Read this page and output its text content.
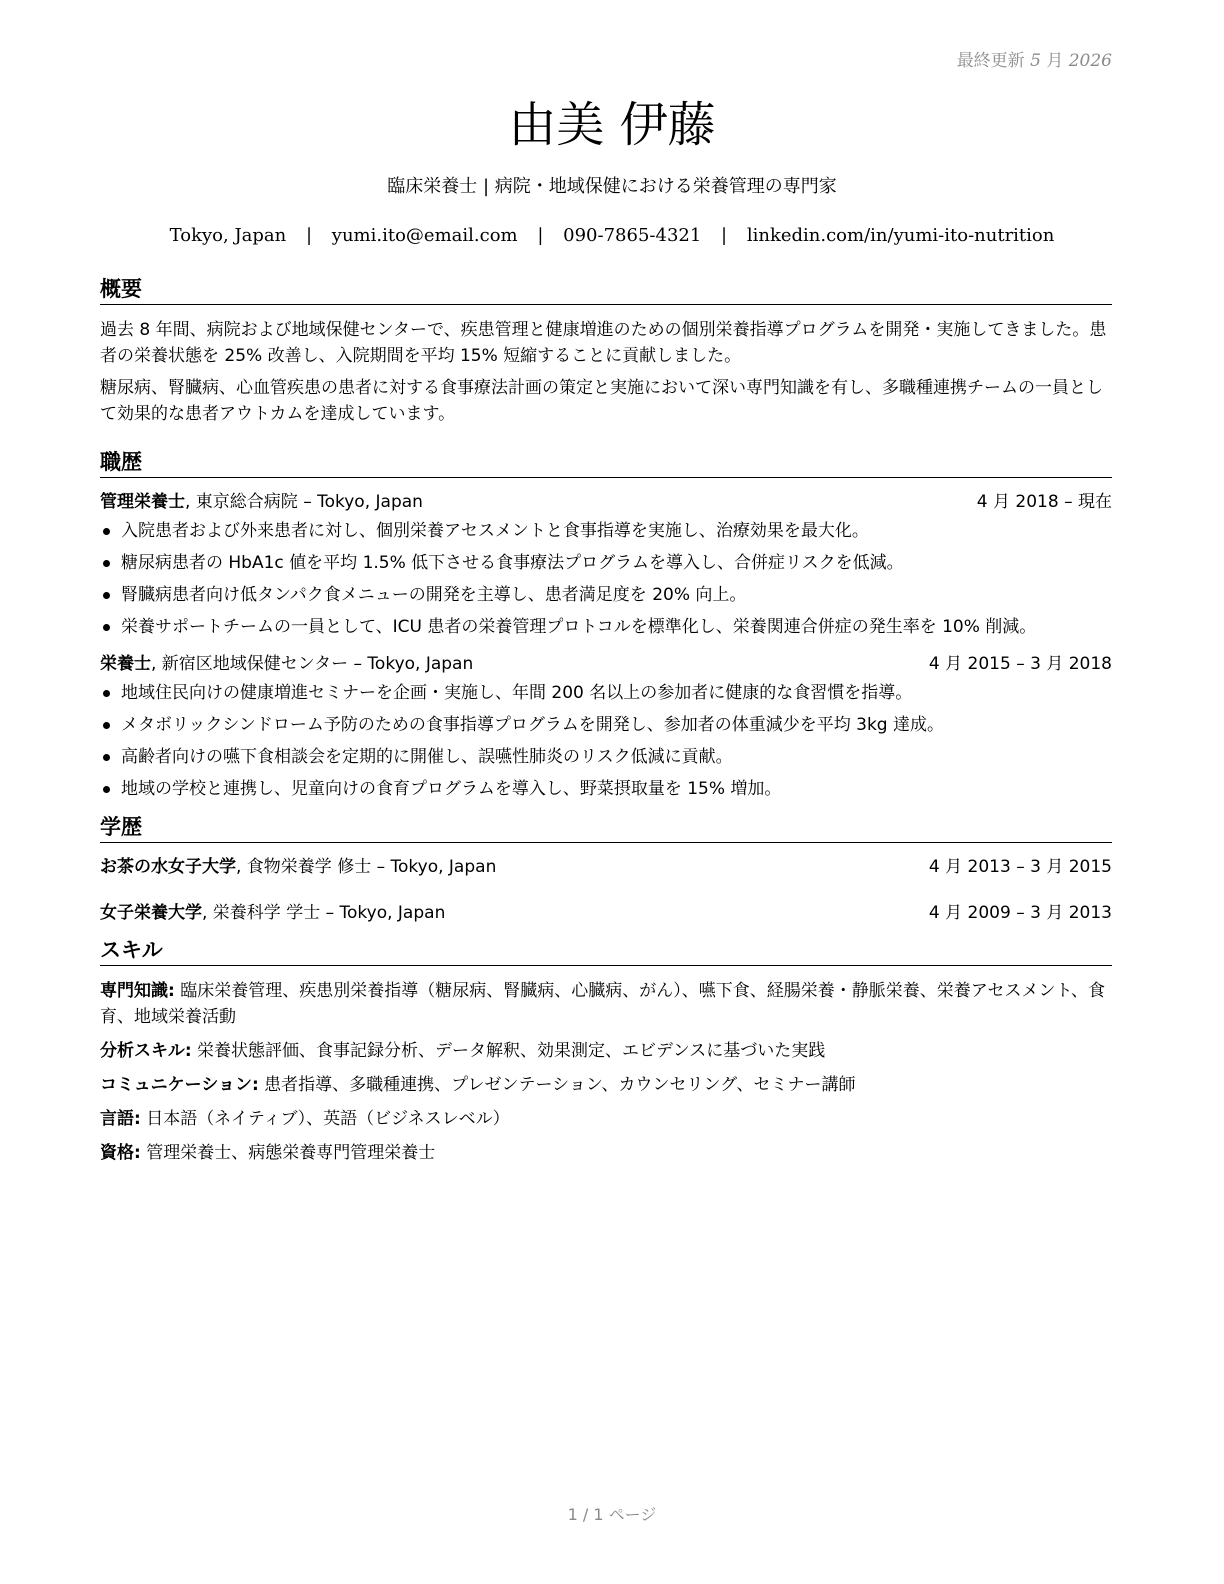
最終更新 5 月 2026
由美 伊藤
臨床栄養士 | 病院・地域保健における栄養管理の専門家
Tokyo, Japan | yumi.ito@email.com | 090-7865-4321 | linkedin.com/in/yumi-ito-nutrition
概要

過去 8 年間、病院および地域保健センターで、疾患管理と健康増進のための個別栄養指導プログラムを開発・実施してきました。患者の栄養状態を 25% 改善し、入院期間を平均 15% 短縮することに貢献しました。

糖尿病、腎臓病、心血管疾患の患者に対する食事療法計画の策定と実施において深い専門知識を有し、多職種連携チームの一員として効果的な患者アウトカムを達成しています。

職歴
管理栄養士, 東京総合病院 – Tokyo, Japan	4 月 2018 – 現在
入院患者および外来患者に対し、個別栄養アセスメントと食事指導を実施し、治療効果を最大化。
糖尿病患者の HbA1c 値を平均 1.5% 低下させる食事療法プログラムを導入し、合併症リスクを低減。
腎臓病患者向け低タンパク食メニューの開発を主導し、患者満足度を 20% 向上。
栄養サポートチームの一員として、ICU 患者の栄養管理プロトコルを標準化し、栄養関連合併症の発生率を 10% 削減。
栄養士, 新宿区地域保健センター – Tokyo, Japan	4 月 2015 – 3 月 2018
地域住民向けの健康増進セミナーを企画・実施し、年間 200 名以上の参加者に健康的な食習慣を指導。
メタボリックシンドローム予防のための食事指導プログラムを開発し、参加者の体重減少を平均 3kg 達成。
高齢者向けの嚥下食相談会を定期的に開催し、誤嚥性肺炎のリスク低減に貢献。
地域の学校と連携し、児童向けの食育プログラムを導入し、野菜摂取量を 15% 増加。
学歴
お茶の水女子大学, 食物栄養学 修士 – Tokyo, Japan	4 月 2013 – 3 月 2015
女子栄養大学, 栄養科学 学士 – Tokyo, Japan	4 月 2009 – 3 月 2013
スキル
専門知識: 臨床栄養管理、疾患別栄養指導（糖尿病、腎臓病、心臓病、がん）、嚥下食、経腸栄養・静脈栄養、栄養アセスメント、食育、地域栄養活動
分析スキル: 栄養状態評価、食事記録分析、データ解釈、効果測定、エビデンスに基づいた実践
コミュニケーション: 患者指導、多職種連携、プレゼンテーション、カウンセリング、セミナー講師
言語: 日本語（ネイティブ）、英語（ビジネスレベル）
資格: 管理栄養士、病態栄養専門管理栄養士
1 / 1 ページ
